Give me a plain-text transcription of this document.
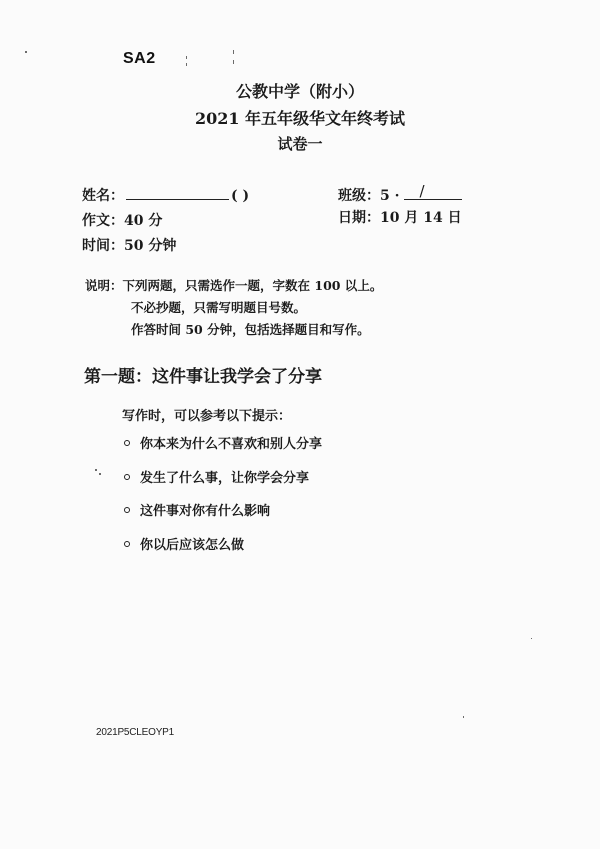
SA2
公教中学（附小）
2021 年五年级华文年终考试
试卷一
姓名：	( )	班级：5 · /
作文：40 分	日期：10 月 14 日
时间：50 分钟
说明：下列两题，只需选作一题，字数在 100 以上。
不必抄题，只需写明题目号数。
作答时间 50 分钟，包括选择题目和写作。
第一题：这件事让我学会了分享
写作时，可以参考以下提示：
你本来为什么不喜欢和别人分享
发生了什么事，让你学会分享
这件事对你有什么影响
你以后应该怎么做
2021P5CLEOYP1
